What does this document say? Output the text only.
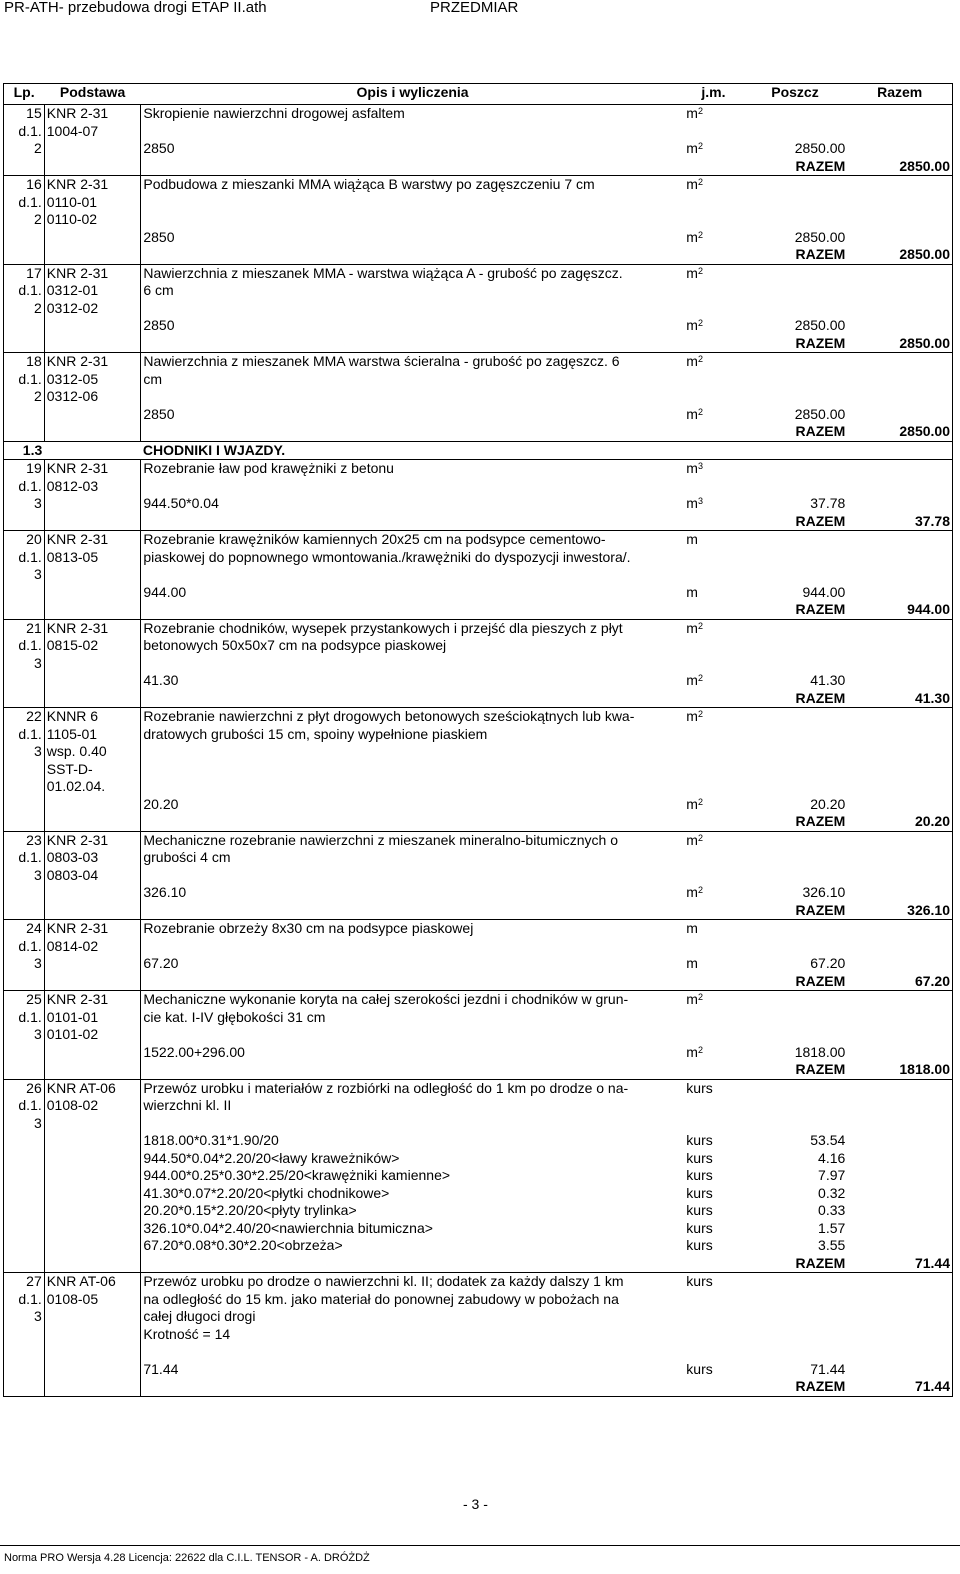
PR-ATH- przebudowa drogi ETAP II.ath	PRZEDMIAR
Lp.	Podstawa	Opis i wyliczenia	j.m.	Poszcz	Razem
15
d.1.
2	KNR 2-31
1004-07	Skropienie nawierzchni drogowej asfaltem	$m^2$		
		2850	$m^2$	2850.00	
				RAZEM	2850.00
16
d.1.
2	KNR 2-31
0110-01
0110-02	Podbudowa z mieszanki MMA wiążąca B warstwy po zagęszczeniu 7 cm	$m^2$		
		2850	$m^2$	2850.00	
				RAZEM	2850.00
17
d.1.
2	KNR 2-31
0312-01
0312-02	Nawierzchnia z mieszanek MMA - warstwa wiążąca A - grubość po zagęszcz.
6 cm	$m^2$		
		2850	$m^2$	2850.00	
				RAZEM	2850.00
18
d.1.
2	KNR 2-31
0312-05
0312-06	Nawierzchnia z mieszanek MMA warstwa ścieralna - grubość po zagęszcz. 6
cm	$m^2$		
		2850	$m^2$	2850.00	
				RAZEM	2850.00
1.3		CHODNIKI I WJAZDY.			
19
d.1.
3	KNR 2-31
0812-03	Rozebranie ław pod krawężniki z betonu	$m^3$		
		944.50*0.04	$m^3$	37.78	
				RAZEM	37.78
20
d.1.
3	KNR 2-31
0813-05	Rozebranie krawężników kamiennych 20x25 cm na podsypce cementowo-
piaskowej do popnownego wmontowania./krawężniki do dyspozycji inwestora/.	m		
		944.00	m	944.00	
				RAZEM	944.00
21
d.1.
3	KNR 2-31
0815-02	Rozebranie chodników, wysepek przystankowych i przejść dla pieszych z płyt
betonowych 50x50x7 cm na podsypce piaskowej	$m^2$		
		41.30	$m^2$	41.30	
				RAZEM	41.30
22
d.1.
3	KNNR 6
1105-01
wsp. 0.40
SST-D-
01.02.04.	Rozebranie nawierzchni z płyt drogowych betonowych sześciokątnych lub kwa-
dratowych grubości 15 cm, spoiny wypełnione piaskiem	$m^2$		
		20.20	$m^2$	20.20	
				RAZEM	20.20
23
d.1.
3	KNR 2-31
0803-03
0803-04	Mechaniczne rozebranie nawierzchni z mieszanek mineralno-bitumicznych o
grubości 4 cm	$m^2$		
		326.10	$m^2$	326.10	
				RAZEM	326.10
24
d.1.
3	KNR 2-31
0814-02	Rozebranie obrzeży 8x30 cm na podsypce piaskowej	m		
		67.20	m	67.20	
				RAZEM	67.20
25
d.1.
3	KNR 2-31
0101-01
0101-02	Mechaniczne wykonanie koryta na całej szerokości jezdni i chodników w grun-
cie kat. I-IV głębokości 31 cm	$m^2$		
		1522.00+296.00	$m^2$	1818.00	
				RAZEM	1818.00
26
d.1.
3	KNR AT-06
0108-02	Przewóz urobku i materiałów z rozbiórki na odległość do 1 km po drodze o na-
wierzchni kl. II	kurs		
		1818.00*0.31*1.90/20	kurs	53.54	
		944.50*0.04*2.20/20<ławy kraweżników>	kurs	4.16	
		944.00*0.25*0.30*2.25/20<krawężniki kamienne>	kurs	7.97	
		41.30*0.07*2.20/20<płytki chodnikowe>	kurs	0.32	
		20.20*0.15*2.20/20<płyty trylinka>	kurs	0.33	
		326.10*0.04*2.40/20<nawierchnia bitumiczna>	kurs	1.57	
		67.20*0.08*0.30*2.20<obrzeża>	kurs	3.55	
				RAZEM	71.44
27
d.1.
3	KNR AT-06
0108-05	Przewóz urobku po drodze o nawierzchni kl. II; dodatek za każdy dalszy 1 km
na odległość do 15 km. jako materiał do ponownej zabudowy w pobożach na
całej długoci drogi
Krotność = 14	kurs		
		71.44	kurs	71.44	
				RAZEM	71.44
- 3 -
Norma PRO Wersja 4.28 Licencja: 22622 dla C.I.L. TENSOR - A. DRÓŻDŻ
